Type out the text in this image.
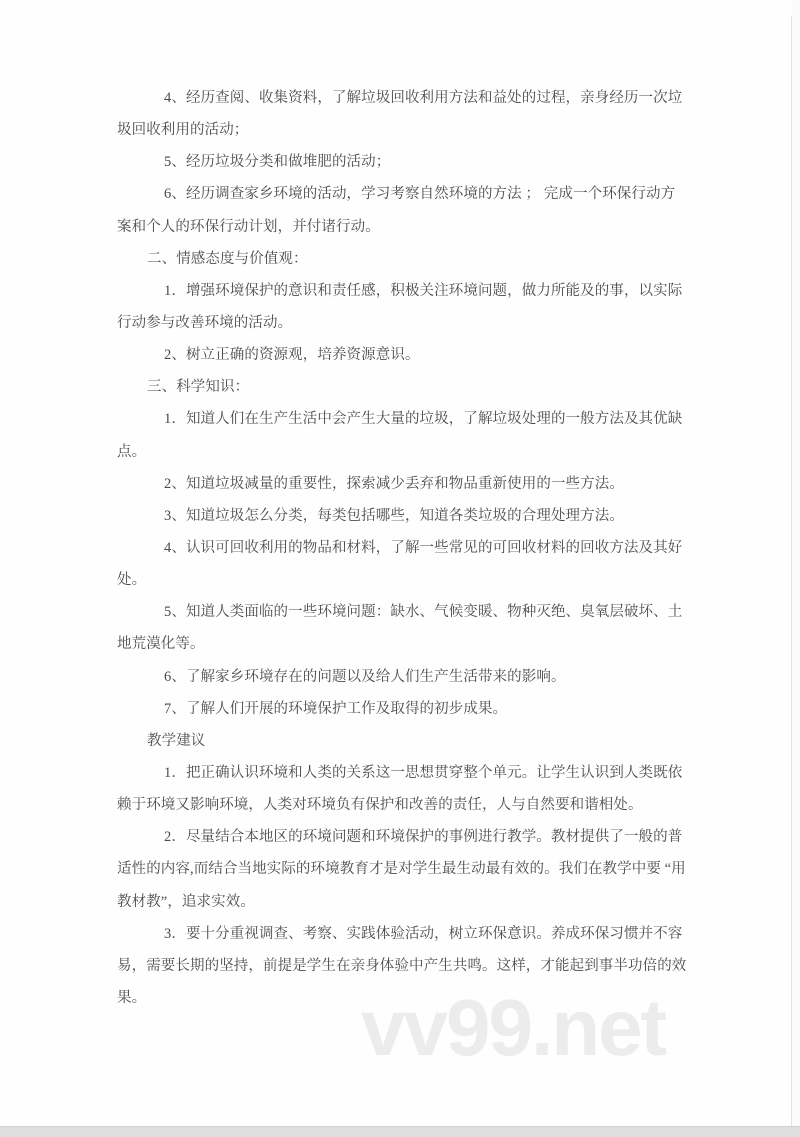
4、经历查阅、收集资料，了解垃圾回收利用方法和益处的过程，亲身经历一次垃
圾回收利用的活动；
5、经历垃圾分类和做堆肥的活动；
6、经历调查家乡环境的活动，学习考察自然环境的方法 ； 完成一个环保行动方
案和个人的环保行动计划，并付诸行动。
二、情感态度与价值观：
1．增强环境保护的意识和责任感，积极关注环境问题，做力所能及的事，以实际
行动参与改善环境的活动。
2、树立正确的资源观，培养资源意识。
三、科学知识：
1．知道人们在生产生活中会产生大量的垃圾，了解垃圾处理的一般方法及其优缺
点。
2、知道垃圾减量的重要性，探索减少丢弃和物品重新使用的一些方法。
3、知道垃圾怎么分类，每类包括哪些，知道各类垃圾的合理处理方法。
4、认识可回收利用的物品和材料，了解一些常见的可回收材料的回收方法及其好
处。
5、知道人类面临的一些环境问题：缺水、气候变暖、物种灭绝、臭氧层破坏、土
地荒漠化等。
6、了解家乡环境存在的问题以及给人们生产生活带来的影响。
7、了解人们开展的环境保护工作及取得的初步成果。
教学建议
1．把正确认识环境和人类的关系这一思想贯穿整个单元。让学生认识到人类既依
赖于环境又影响环境，人类对环境负有保护和改善的责任，人与自然要和谐相处。
2．尽量结合本地区的环境问题和环境保护的事例进行教学。教材提供了一般的普
适性的内容,而结合当地实际的环境教育才是对学生最生动最有效的。我们在教学中要 “用
教材教”，追求实效。
3．要十分重视调查、考察、实践体验活动，树立环保意识。养成环保习惯并不容
易，需要长期的坚持，前提是学生在亲身体验中产生共鸣。这样，才能起到事半功倍的效
果。	vv99.net
